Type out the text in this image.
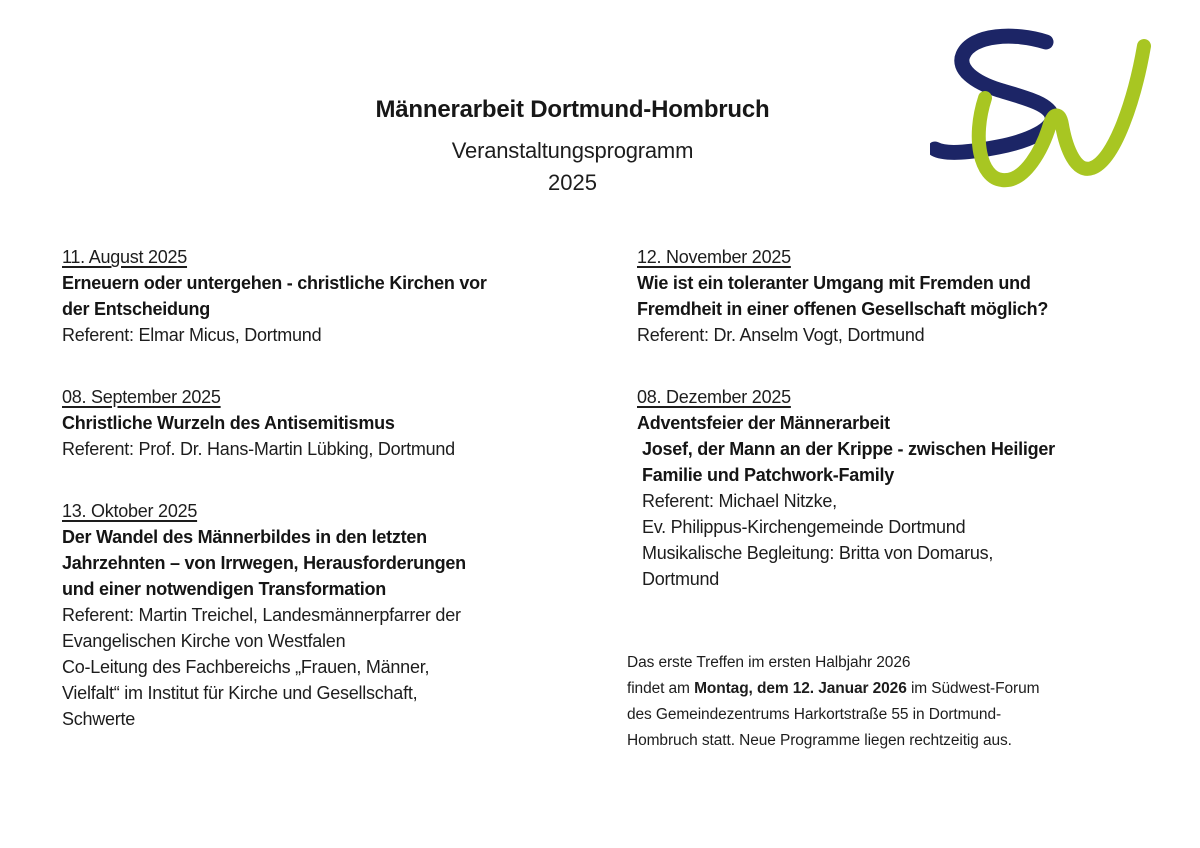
Männerarbeit Dortmund-Hombruch
Veranstaltungsprogramm
2025
11. August 2025
Erneuern oder untergehen - christliche Kirchen vor
der Entscheidung
Referent: Elmar Micus, Dortmund
08. September 2025
Christliche Wurzeln des Antisemitismus
Referent: Prof. Dr. Hans-Martin Lübking, Dortmund
13. Oktober 2025
Der Wandel des Männerbildes in den letzten
Jahrzehnten – von Irrwegen, Herausforderungen
und einer notwendigen Transformation
Referent: Martin Treichel, Landesmännerpfarrer der
Evangelischen Kirche von Westfalen
Co-Leitung des Fachbereichs „Frauen, Männer,
Vielfalt“ im Institut für Kirche und Gesellschaft,
Schwerte
12. November 2025
Wie ist ein toleranter Umgang mit Fremden und
Fremdheit in einer offenen Gesellschaft möglich?
Referent: Dr. Anselm Vogt, Dortmund
08. Dezember 2025
Adventsfeier der Männerarbeit
Josef, der Mann an der Krippe - zwischen Heiliger
Familie und Patchwork-Family
Referent: Michael Nitzke,
Ev. Philippus-Kirchengemeinde Dortmund
Musikalische Begleitung: Britta von Domarus,
Dortmund
Das erste Treffen im ersten Halbjahr 2026
findet am Montag, dem 12. Januar 2026 im Südwest-Forum
des Gemeindezentrums Harkortstraße 55 in Dortmund-
Hombruch statt. Neue Programme liegen rechtzeitig aus.
